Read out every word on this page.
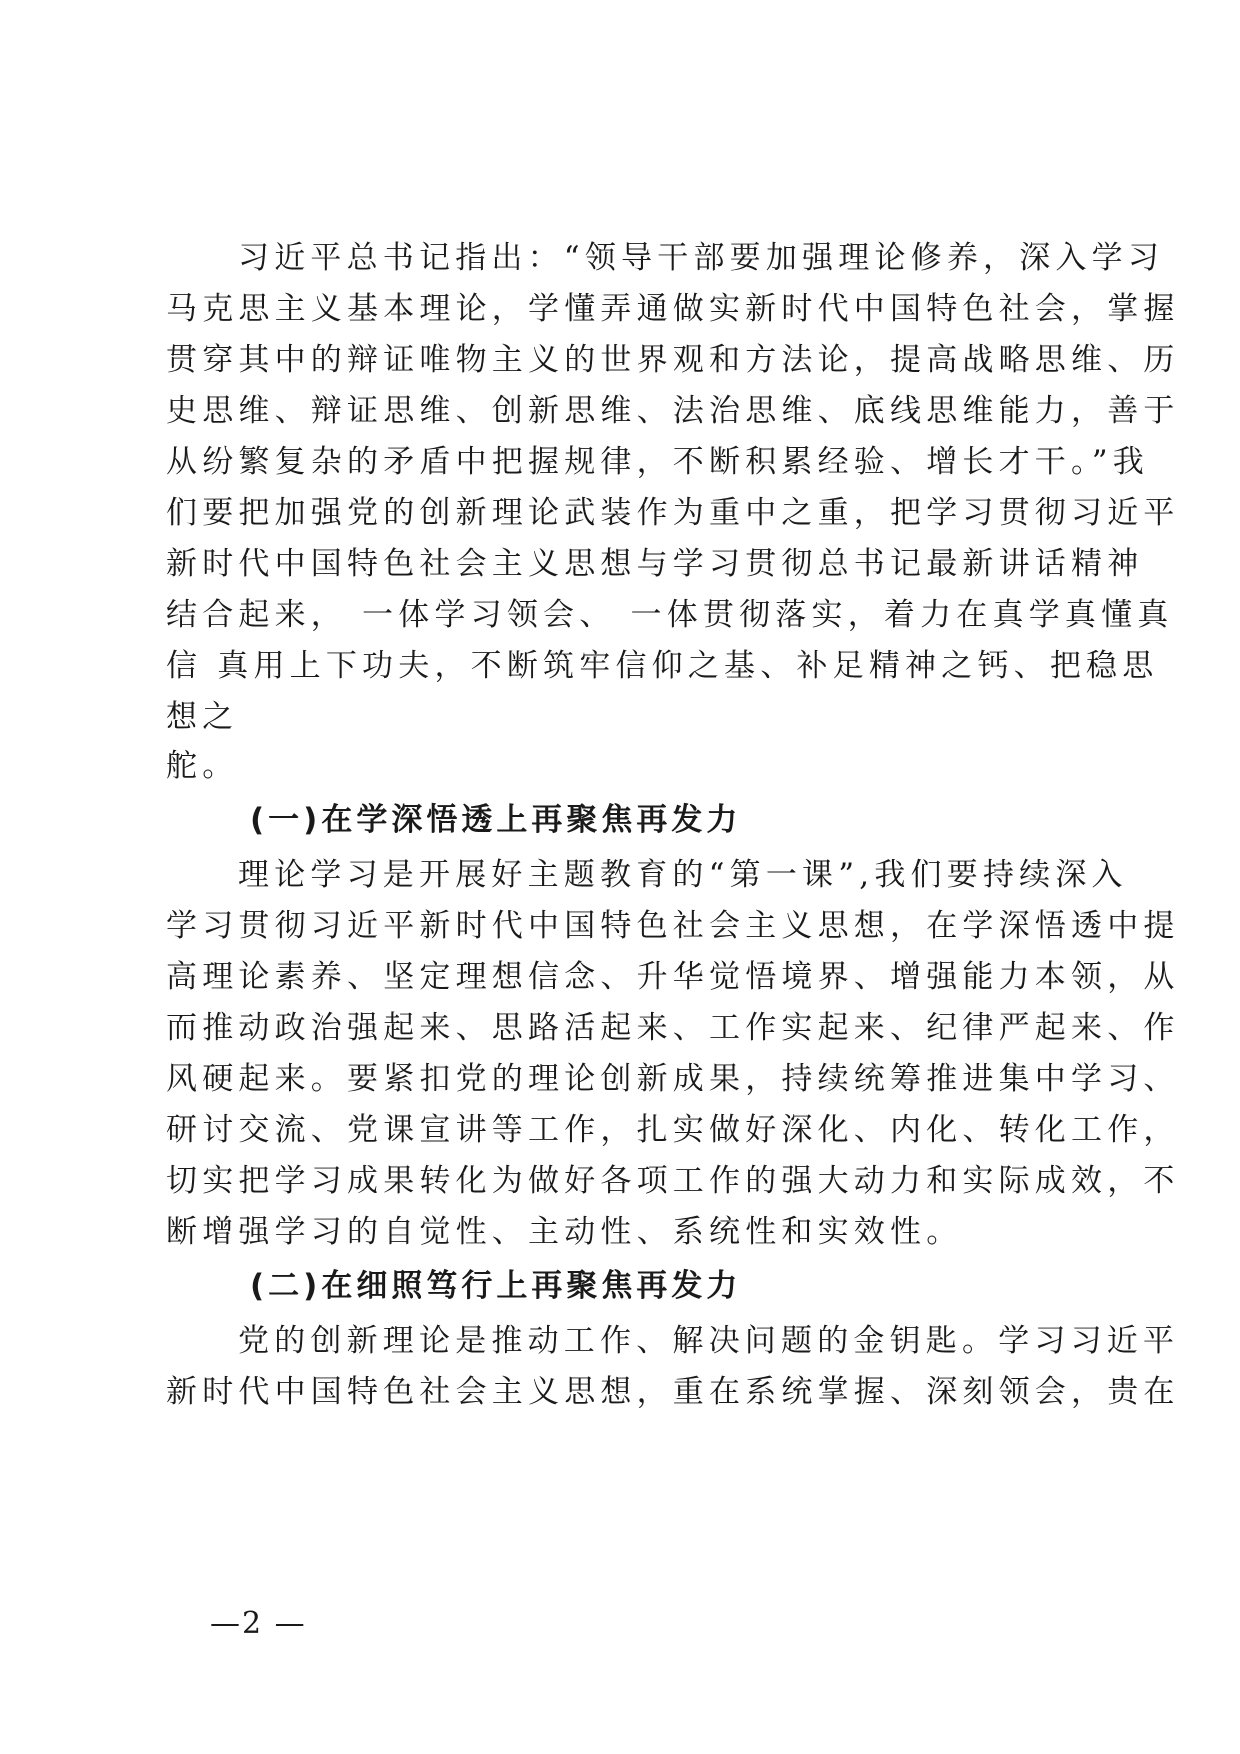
习近平总书记指出：“领导干部要加强理论修养，深入学习
马克思主义基本理论，学懂弄通做实新时代中国特色社会，掌握
贯穿其中的辩证唯物主义的世界观和方法论，提高战略思维、历
史思维、辩证思维、创新思维、法治思维、底线思维能力，善于
从纷繁复杂的矛盾中把握规律，不断积累经验、增长才干。”我
们要把加强党的创新理论武装作为重中之重，把学习贯彻习近平
新时代中国特色社会主义思想与学习贯彻总书记最新讲话精神
结合起来， 一体学习领会、 一体贯彻落实，着力在真学真懂真
信 真用上下功夫，不断筑牢信仰之基、补足精神之钙、把稳思
想之
舵。
(一)在学深悟透上再聚焦再发力
理论学习是开展好主题教育的“第一课”,我们要持续深入
学习贯彻习近平新时代中国特色社会主义思想，在学深悟透中提
高理论素养、坚定理想信念、升华觉悟境界、增强能力本领，从
而推动政治强起来、思路活起来、工作实起来、纪律严起来、作
风硬起来。要紧扣党的理论创新成果，持续统筹推进集中学习、
研讨交流、党课宣讲等工作，扎实做好深化、内化、转化工作，
切实把学习成果转化为做好各项工作的强大动力和实际成效，不
断增强学习的自觉性、主动性、系统性和实效性。
(二)在细照笃行上再聚焦再发力
党的创新理论是推动工作、解决问题的金钥匙。学习习近平
新时代中国特色社会主义思想，重在系统掌握、深刻领会，贵在
—2 —
